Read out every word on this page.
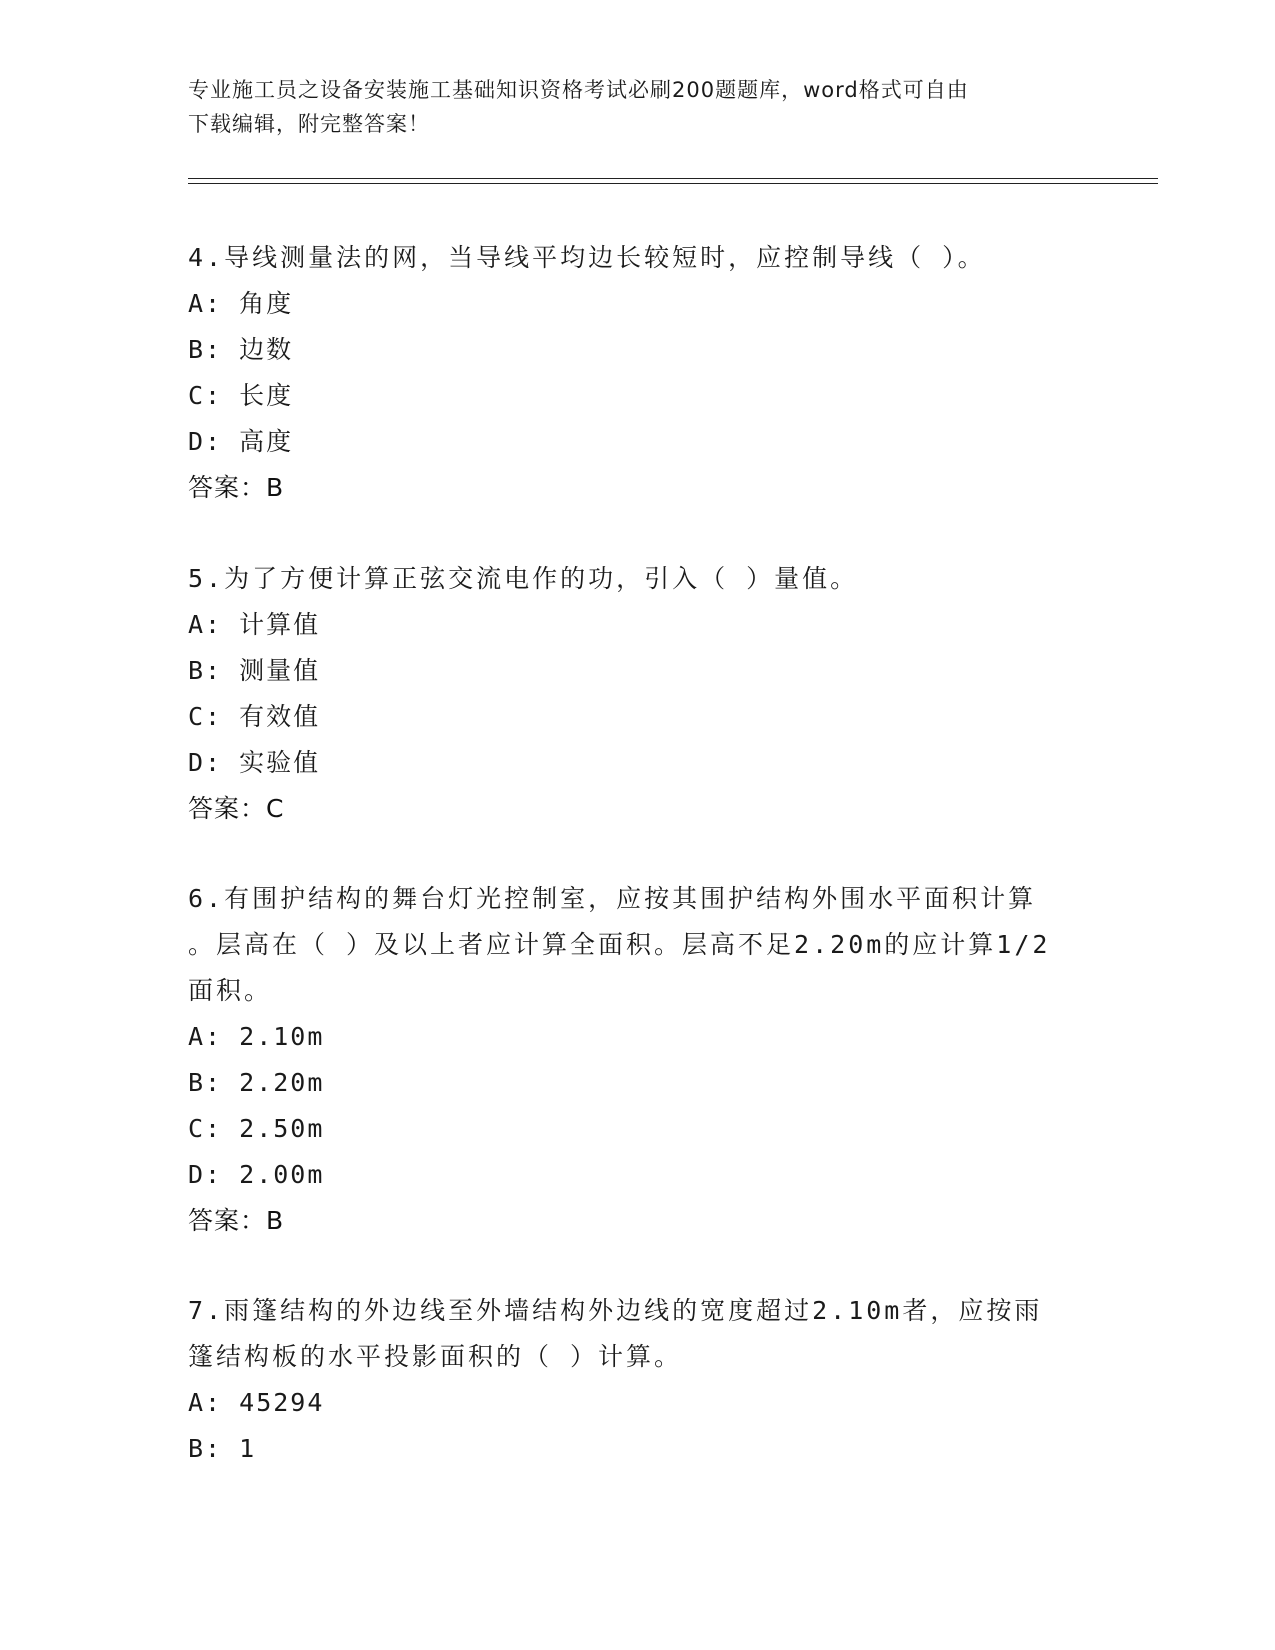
专业施工员之设备安装施工基础知识资格考试必刷200题题库，word格式可自由
下载编辑，附完整答案！

4.导线测量法的网，当导线平均边长较短时，应控制导线（ ）。

A: 角度

B: 边数

C: 长度

D: 高度

答案：B

5.为了方便计算正弦交流电作的功，引入（ ）量值。

A: 计算值

B: 测量值

C: 有效值

D: 实验值

答案：C

6.有围护结构的舞台灯光控制室，应按其围护结构外围水平面积计算

。层高在（ ）及以上者应计算全面积。层高不足2.20m的应计算1/2

面积。

A: 2.10m

B: 2.20m

C: 2.50m

D: 2.00m

答案：B

7.雨篷结构的外边线至外墙结构外边线的宽度超过2.10m者，应按雨

篷结构板的水平投影面积的（ ）计算。

A: 45294

B: 1
